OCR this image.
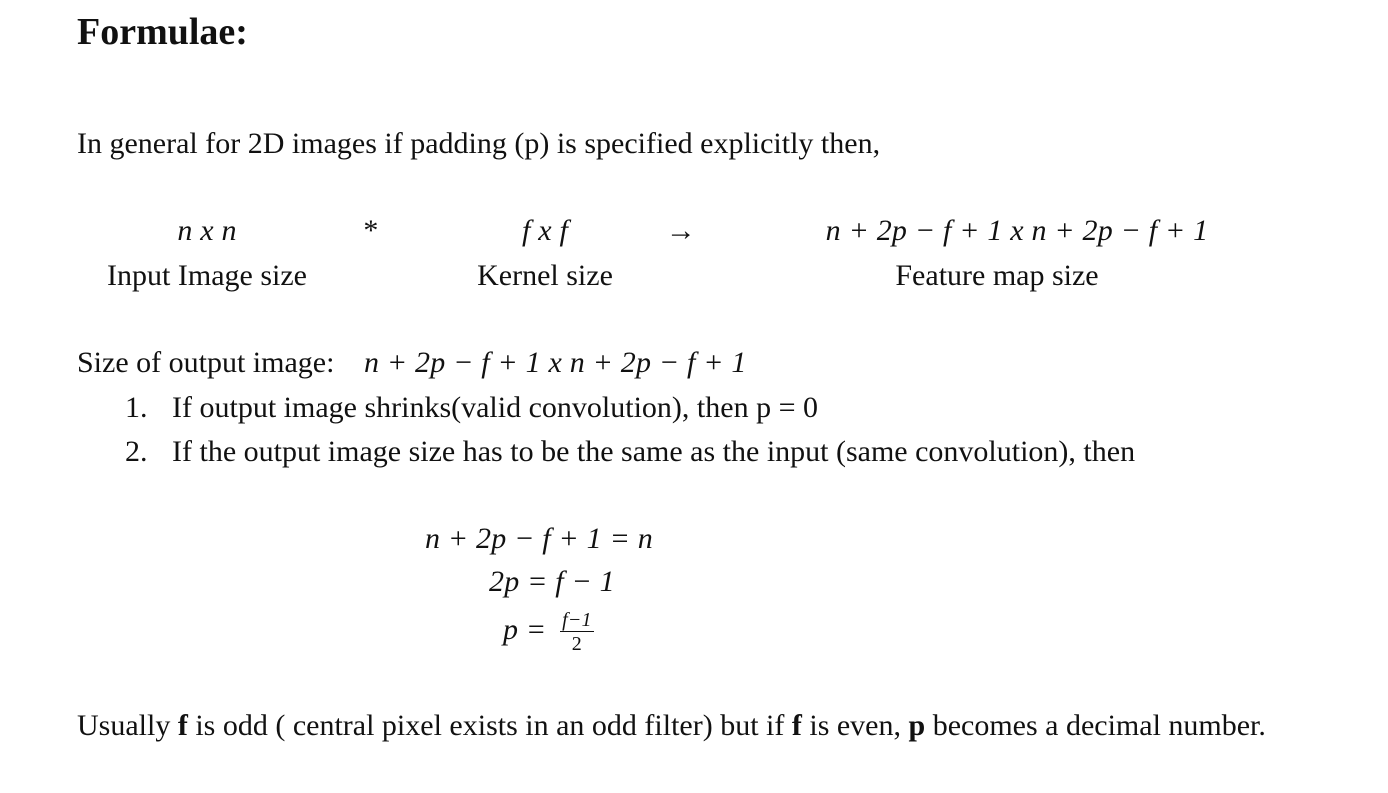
Formulae:
In general for 2D images if padding (p) is specified explicitly then,
n x n	*	f x f	→	n + 2p − f + 1 x n + 2p − f + 1
Input Image size	Kernel size	Feature map size
Size of output image: n + 2p − f + 1 x n + 2p − f + 1
1. If output image shrinks(valid convolution), then p = 0
2. If the output image size has to be the same as the input (same convolution), then
n + 2p − f + 1 = n
2p = f − 1
$p = \frac{f-1}{2}$
Usually f is odd ( central pixel exists in an odd filter) but if f is even, p becomes a decimal number.
